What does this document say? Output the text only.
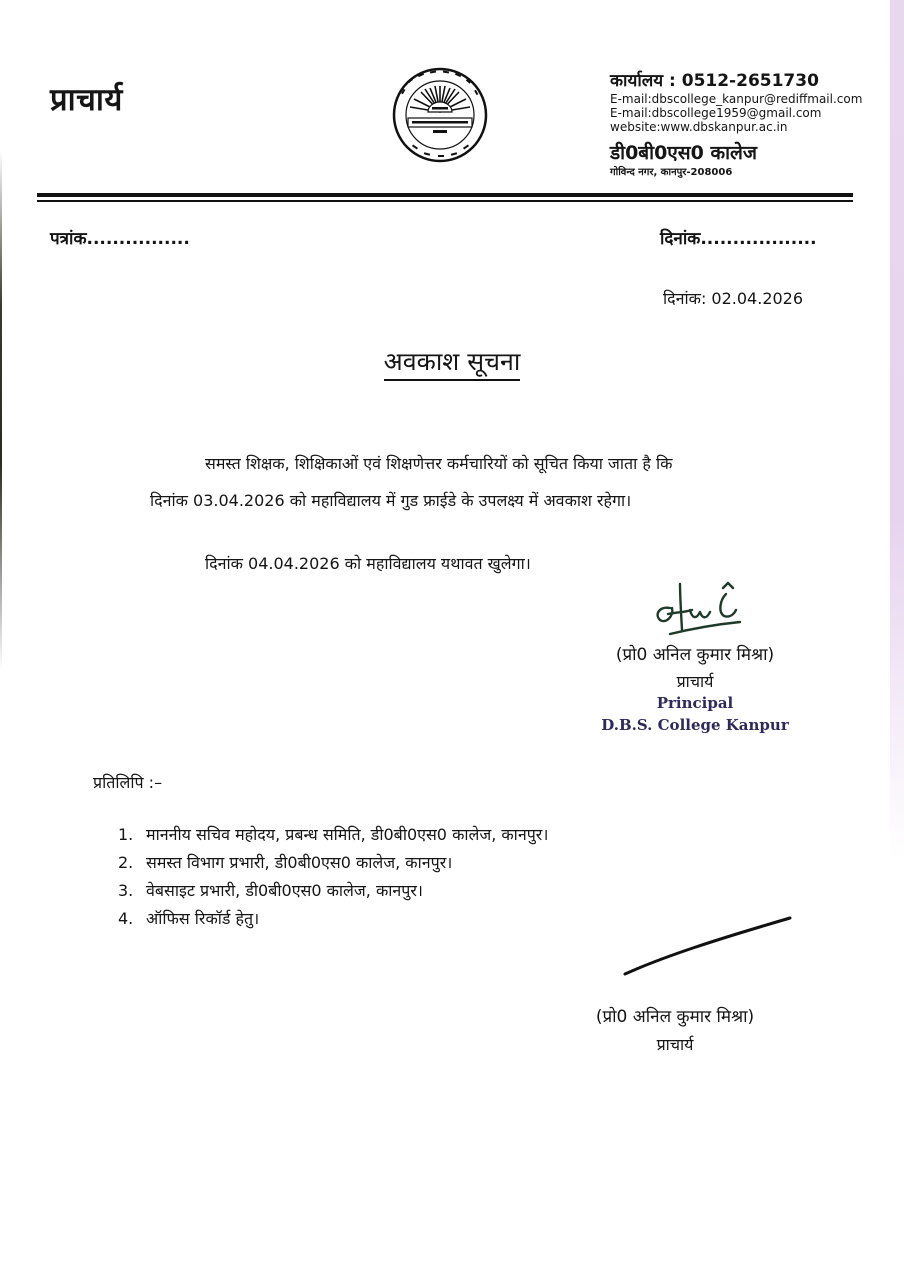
प्राचार्य
कार्यालय : 0512-2651730
E-mail:dbscollege_kanpur@rediffmail.com
E-mail:dbscollege1959@gmail.com
website:www.dbskanpur.ac.in
डी0बी0एस0 कालेज
गोविन्द नगर, कानपुर-208006
पत्रांक................	दिनांक..................
दिनांक: 02.04.2026
अवकाश सूचना
समस्त शिक्षक, शिक्षिकाओं एवं शिक्षणेत्तर कर्मचारियों को सूचित किया जाता है कि
दिनांक 03.04.2026 को महाविद्यालय में गुड फ्राईडे के उपलक्ष्य में अवकाश रहेगा।
दिनांक 04.04.2026 को महाविद्यालय यथावत खुलेगा।
(प्रो0 अनिल कुमार मिश्रा)
प्राचार्य
Principal
D.B.S. College Kanpur
प्रतिलिपि :–
1. माननीय सचिव महोदय, प्रबन्ध समिति, डी0बी0एस0 कालेज, कानपुर।
2. समस्त विभाग प्रभारी, डी0बी0एस0 कालेज, कानपुर।
3. वेबसाइट प्रभारी, डी0बी0एस0 कालेज, कानपुर।
4. ऑफिस रिकॉर्ड हेतु।
(प्रो0 अनिल कुमार मिश्रा)
प्राचार्य
